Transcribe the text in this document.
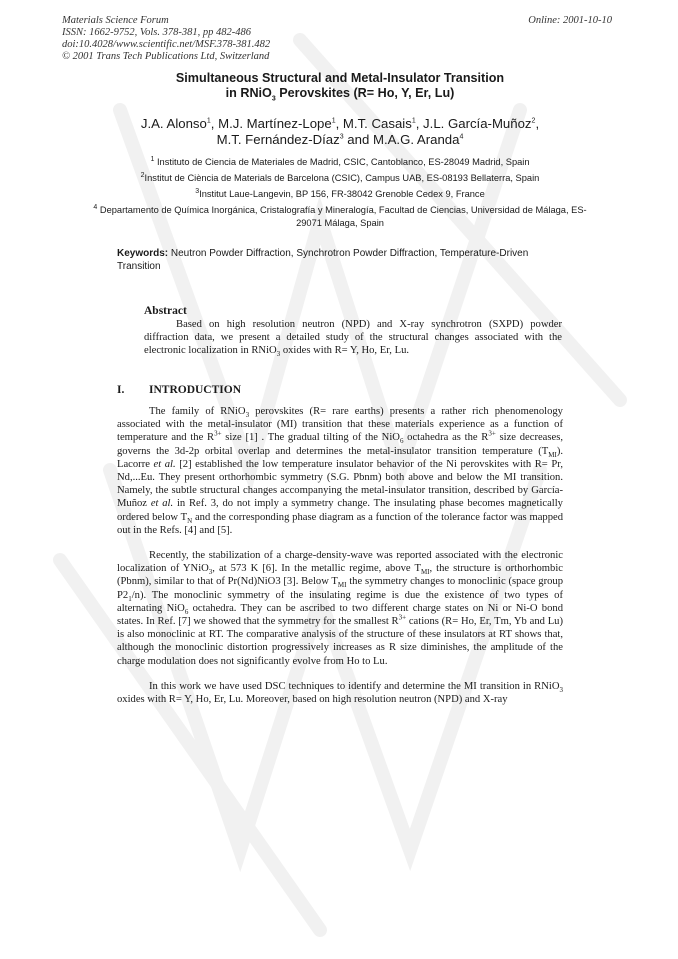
Materials Science Forum
ISSN: 1662-9752, Vols. 378-381, pp 482-486
doi:10.4028/www.scientific.net/MSF.378-381.482
© 2001 Trans Tech Publications Ltd, Switzerland
Online: 2001-10-10
Simultaneous Structural and Metal-Insulator Transition
in RNiO$_3$ Perovskites (R= Ho, Y, Er, Lu)
J.A. Alonso$^1$, M.J. Martínez-Lope$^1$, M.T. Casais$^1$, J.L. García-Muñoz$^2$,
M.T. Fernández-Díaz$^3$ and M.A.G. Aranda$^4$
$^1$ Instituto de Ciencia de Materiales de Madrid, CSIC, Cantoblanco, ES-28049 Madrid, Spain
$^2$Institut de Ciència de Materials de Barcelona (CSIC), Campus UAB, ES-08193 Bellaterra, Spain
$^3$Institut Laue-Langevin, BP 156, FR-38042 Grenoble Cedex 9, France
$^4$ Departamento de Química Inorgánica, Cristalografía y Mineralogía, Facultad de Ciencias, Universidad de Málaga, ES-29071 Málaga, Spain
Keywords: Neutron Powder Diffraction, Synchrotron Powder Diffraction, Temperature-Driven Transition
Abstract
Based on high resolution neutron (NPD) and X-ray synchrotron (SXPD) powder diffraction data, we present a detailed study of the structural changes associated with the electronic localization in RNiO$_3$ oxides with R= Y, Ho, Er, Lu.
I. INTRODUCTION

The family of RNiO$_3$ perovskites (R= rare earths) presents a rather rich phenomenology associated with the metal-insulator (MI) transition that these materials experience as a function of temperature and the $R^{3+}$ size [1] . The gradual tilting of the NiO$_6$ octahedra as the $R^{3+}$ size decreases, governs the 3d-2p orbital overlap and determines the metal-insulator transition temperature $(T_{MI})$. Lacorre et al. [2] established the low temperature insulator behavior of the Ni perovskites with R= Pr, Nd,...Eu. They present orthorhombic symmetry (S.G. Pbnm) both above and below the MI transition. Namely, the subtle structural changes accompanying the metal-insulator transition, described by García-Muñoz et al. in Ref. 3, do not imply a symmetry change. The insulating phase becomes magnetically ordered below $T_N$ and the corresponding phase diagram as a function of the tolerance factor was mapped out in the Refs. [4] and [5].

Recently, the stabilization of a charge-density-wave was reported associated with the electronic localization of YNiO$_3$, at 573 K [6]. In the metallic regime, above $T_{MI}$, the structure is orthorhombic (Pbnm), similar to that of Pr(Nd)NiO3 [3]. Below $T_{MI}$ the symmetry changes to monoclinic (space group $P2_1/n$). The monoclinic symmetry of the insulating regime is due the existence of two types of alternating NiO$_6$ octahedra. They can be ascribed to two different charge states on Ni or Ni-O bond states. In Ref. [7] we showed that the symmetry for the smallest $R^{3+}$ cations (R= Ho, Er, Tm, Yb and Lu) is also monoclinic at RT. The comparative analysis of the structure of these insulators at RT shows that, although the monoclinic distortion progressively increases as R size diminishes, the amplitude of the charge modulation does not significantly evolve from Ho to Lu.

In this work we have used DSC techniques to identify and determine the MI transition in RNiO$_3$ oxides with R= Y, Ho, Er, Lu. Moreover, based on high resolution neutron (NPD) and X-ray
